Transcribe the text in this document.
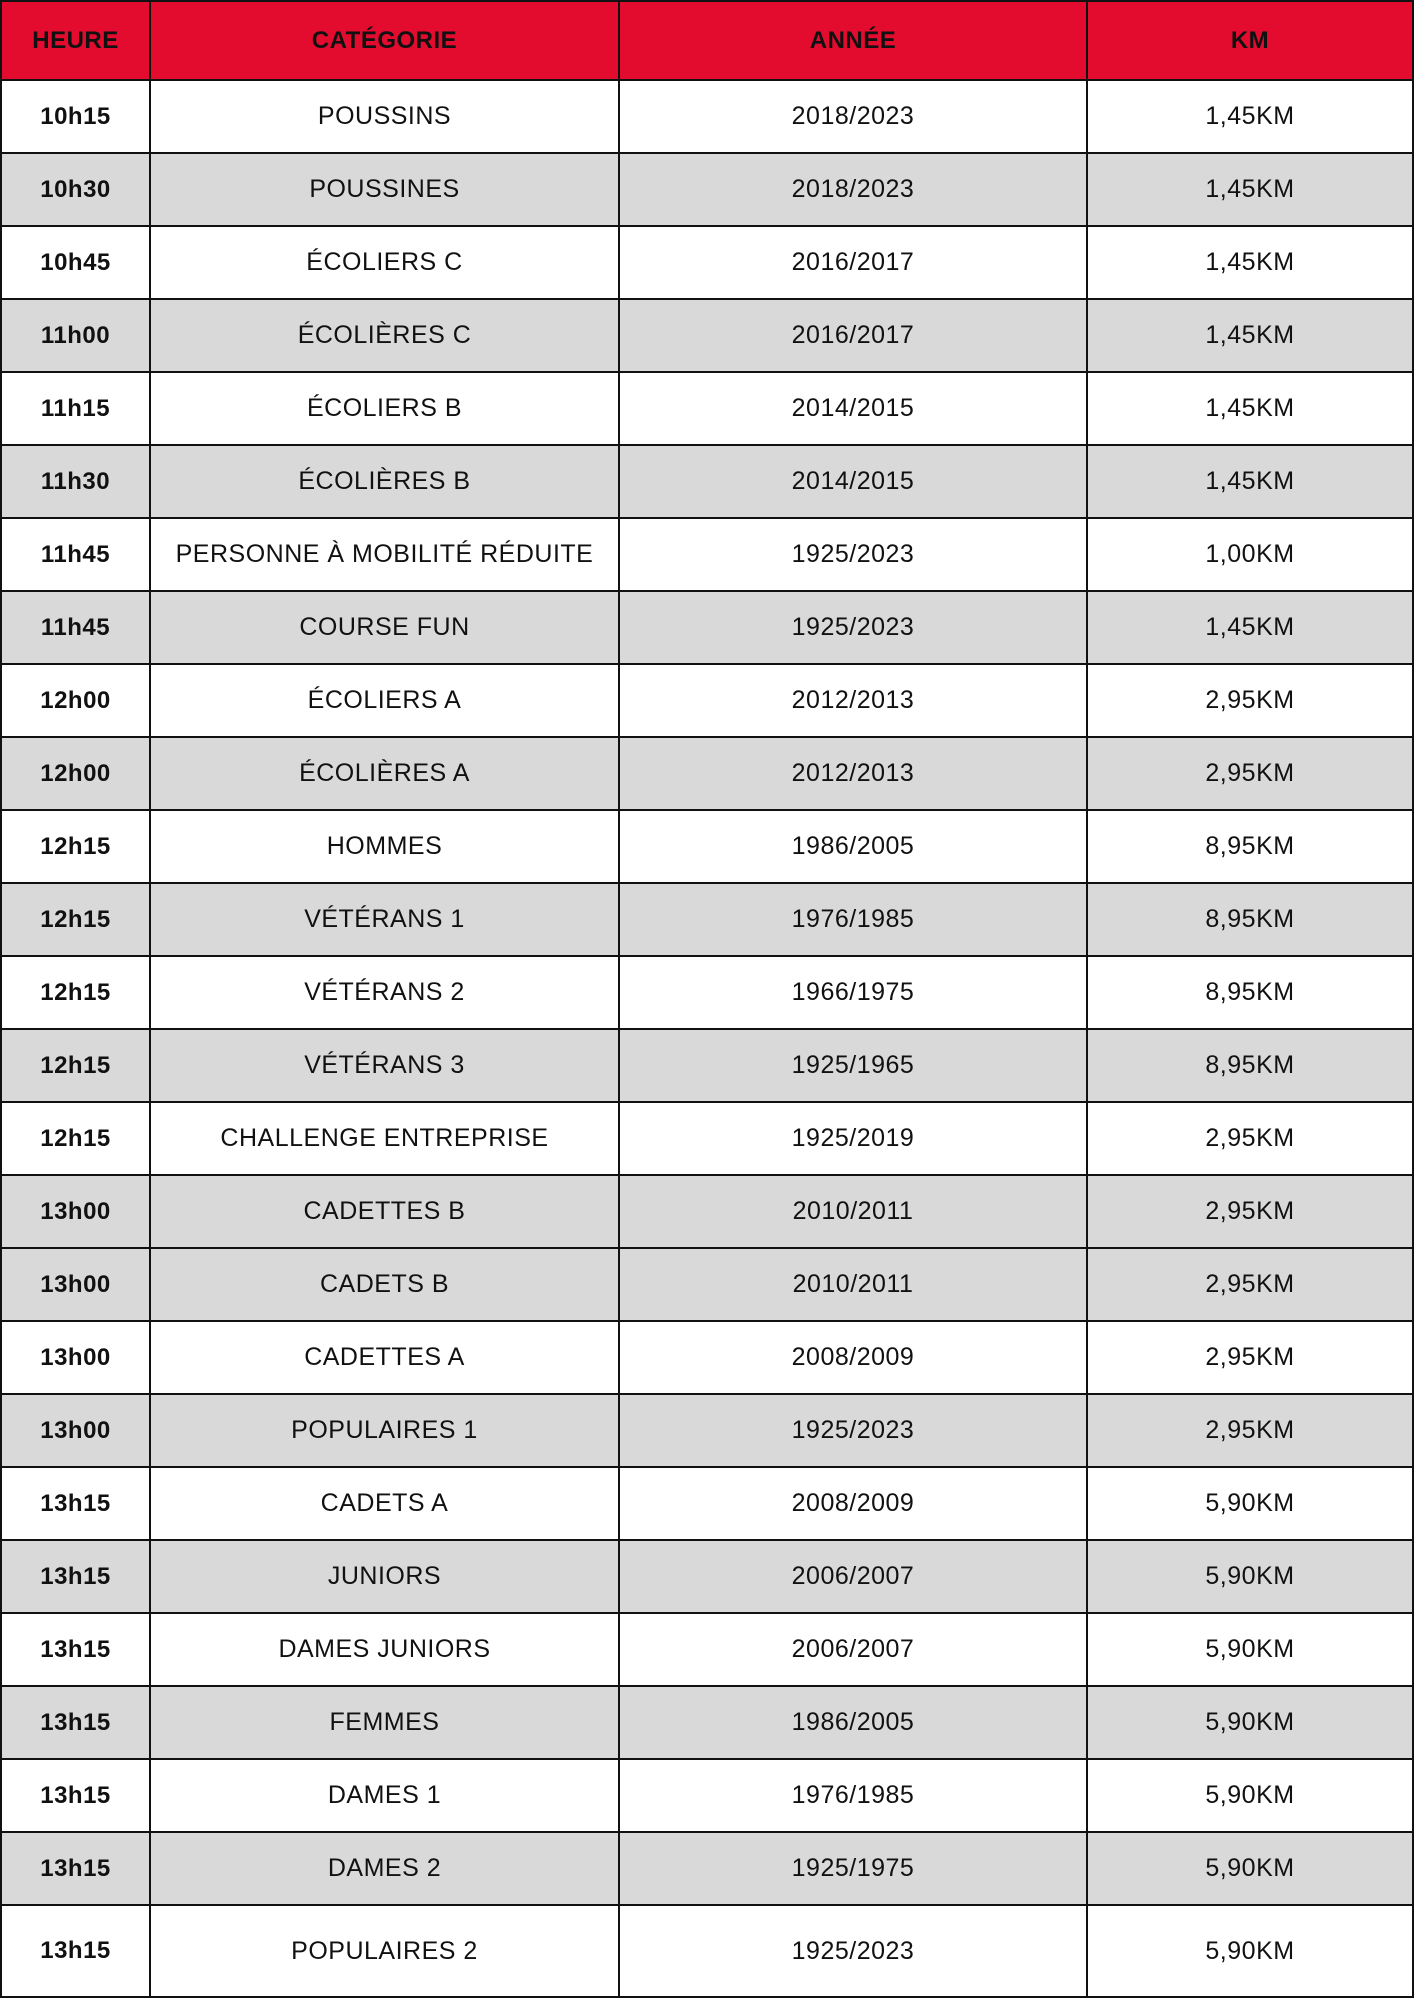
HEURE	CATÉGORIE	ANNÉE	KM
10h15	POUSSINS	2018/2023	1,45KM
10h30	POUSSINES	2018/2023	1,45KM
10h45	ÉCOLIERS C	2016/2017	1,45KM
11h00	ÉCOLIÈRES C	2016/2017	1,45KM
11h15	ÉCOLIERS B	2014/2015	1,45KM
11h30	ÉCOLIÈRES B	2014/2015	1,45KM
11h45	PERSONNE À MOBILITÉ RÉDUITE	1925/2023	1,00KM
11h45	COURSE FUN	1925/2023	1,45KM
12h00	ÉCOLIERS A	2012/2013	2,95KM
12h00	ÉCOLIÈRES A	2012/2013	2,95KM
12h15	HOMMES	1986/2005	8,95KM
12h15	VÉTÉRANS 1	1976/1985	8,95KM
12h15	VÉTÉRANS 2	1966/1975	8,95KM
12h15	VÉTÉRANS 3	1925/1965	8,95KM
12h15	CHALLENGE ENTREPRISE	1925/2019	2,95KM
13h00	CADETTES B	2010/2011	2,95KM
13h00	CADETS B	2010/2011	2,95KM
13h00	CADETTES A	2008/2009	2,95KM
13h00	POPULAIRES 1	1925/2023	2,95KM
13h15	CADETS A	2008/2009	5,90KM
13h15	JUNIORS	2006/2007	5,90KM
13h15	DAMES JUNIORS	2006/2007	5,90KM
13h15	FEMMES	1986/2005	5,90KM
13h15	DAMES 1	1976/1985	5,90KM
13h15	DAMES 2	1925/1975	5,90KM
13h15	POPULAIRES 2	1925/2023	5,90KM
